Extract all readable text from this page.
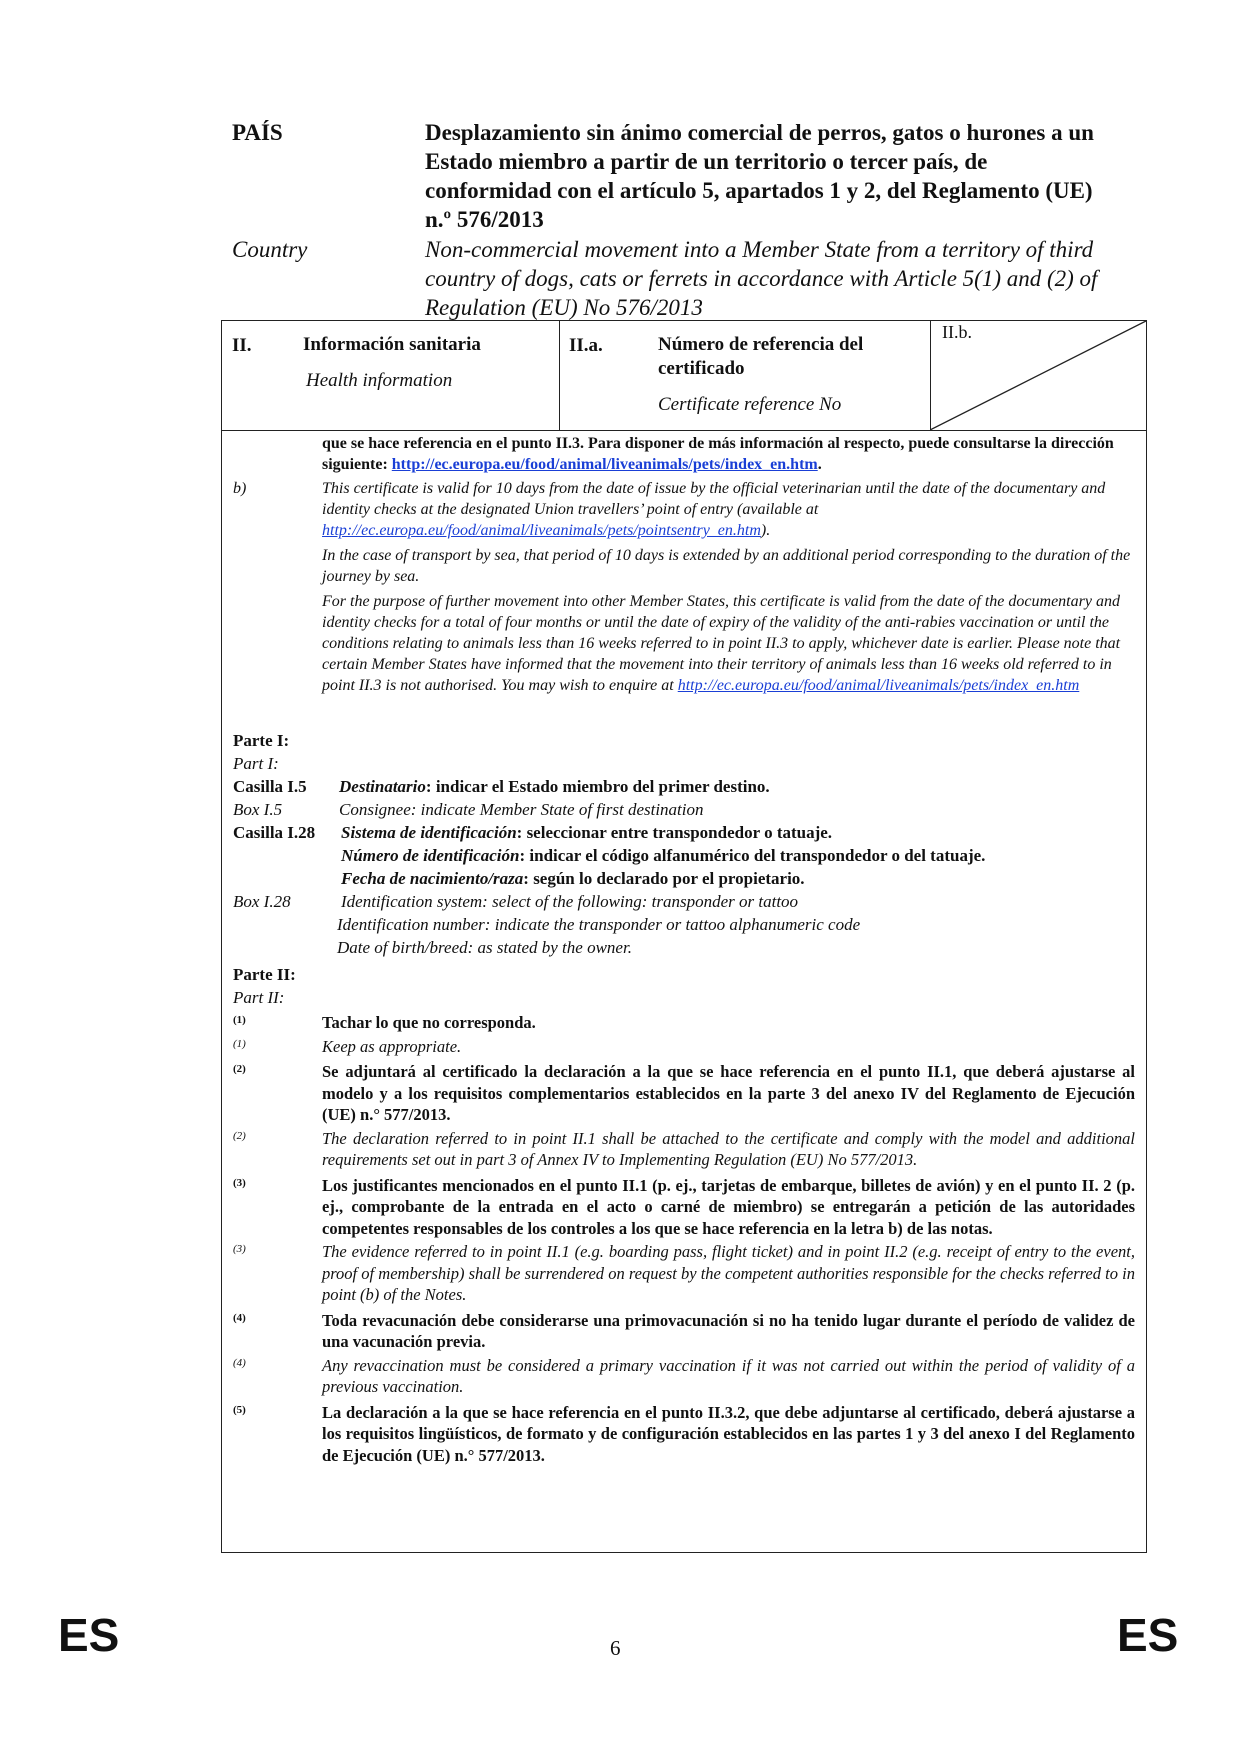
PAÍS	Desplazamiento sin ánimo comercial de perros, gatos o hurones a un Estado miembro a partir de un territorio o tercer país, de conformidad con el artículo 5, apartados 1 y 2, del Reglamento (UE) n.º 576/2013
Country	Non-commercial movement into a Member State from a territory of third country of dogs, cats or ferrets in accordance with Article 5(1) and (2) of Regulation (EU) No 576/2013
II.	Información sanitaria
Health information
II.a.	Número de referencia del certificado
Certificate reference No
II.b.
que se hace referencia en el punto II.3. Para disponer de más información al respecto, puede consultarse la dirección siguiente: http://ec.europa.eu/food/animal/liveanimals/pets/index_en.htm.
b)	This certificate is valid for 10 days from the date of issue by the official veterinarian until the date of the documentary and identity checks at the designated Union travellers’ point of entry (available at http://ec.europa.eu/food/animal/liveanimals/pets/pointsentry_en.htm).
In the case of transport by sea, that period of 10 days is extended by an additional period corresponding to the duration of the journey by sea.
For the purpose of further movement into other Member States, this certificate is valid from the date of the documentary and identity checks for a total of four months or until the date of expiry of the validity of the anti-rabies vaccination or until the conditions relating to animals less than 16 weeks referred to in point II.3 to apply, whichever date is earlier. Please note that certain Member States have informed that the movement into their territory of animals less than 16 weeks old referred to in point II.3 is not authorised. You may wish to enquire at http://ec.europa.eu/food/animal/liveanimals/pets/index_en.htm
Parte I:
Part I:
Casilla I.5	Destinatario: indicar el Estado miembro del primer destino.
Box I.5	Consignee: indicate Member State of first destination
Casilla I.28	Sistema de identificación: seleccionar entre transpondedor o tatuaje.
Número de identificación: indicar el código alfanumérico del transpondedor o del tatuaje.
Fecha de nacimiento/raza: según lo declarado por el propietario.
Box I.28	Identification system: select of the following: transponder or tattoo
Identification number: indicate the transponder or tattoo alphanumeric code
Date of birth/breed: as stated by the owner.
Parte II:
Part II:
(1)	Tachar lo que no corresponda.
(1)	Keep as appropriate.
(2)	Se adjuntará al certificado la declaración a la que se hace referencia en el punto II.1, que deberá ajustarse al modelo y a los requisitos complementarios establecidos en la parte 3 del anexo IV del Reglamento de Ejecución (UE) n.° 577/2013.
(2)	The declaration referred to in point II.1 shall be attached to the certificate and comply with the model and additional requirements set out in part 3 of Annex IV to Implementing Regulation (EU) No 577/2013.
(3)	Los justificantes mencionados en el punto II.1 (p. ej., tarjetas de embarque, billetes de avión) y en el punto II. 2 (p. ej., comprobante de la entrada en el acto o carné de miembro) se entregarán a petición de las autoridades competentes responsables de los controles a los que se hace referencia en la letra b) de las notas.
(3)	The evidence referred to in point II.1 (e.g. boarding pass, flight ticket) and in point II.2 (e.g. receipt of entry to the event, proof of membership) shall be surrendered on request by the competent authorities responsible for the checks referred to in point (b) of the Notes.
(4)	Toda revacunación debe considerarse una primovacunación si no ha tenido lugar durante el período de validez de una vacunación previa.
(4)	Any revaccination must be considered a primary vaccination if it was not carried out within the period of validity of a previous vaccination.
(5)	La declaración a la que se hace referencia en el punto II.3.2, que debe adjuntarse al certificado, deberá ajustarse a los requisitos lingüísticos, de formato y de configuración establecidos en las partes 1 y 3 del anexo I del Reglamento de Ejecución (UE) n.° 577/2013.
ES	6	ES
